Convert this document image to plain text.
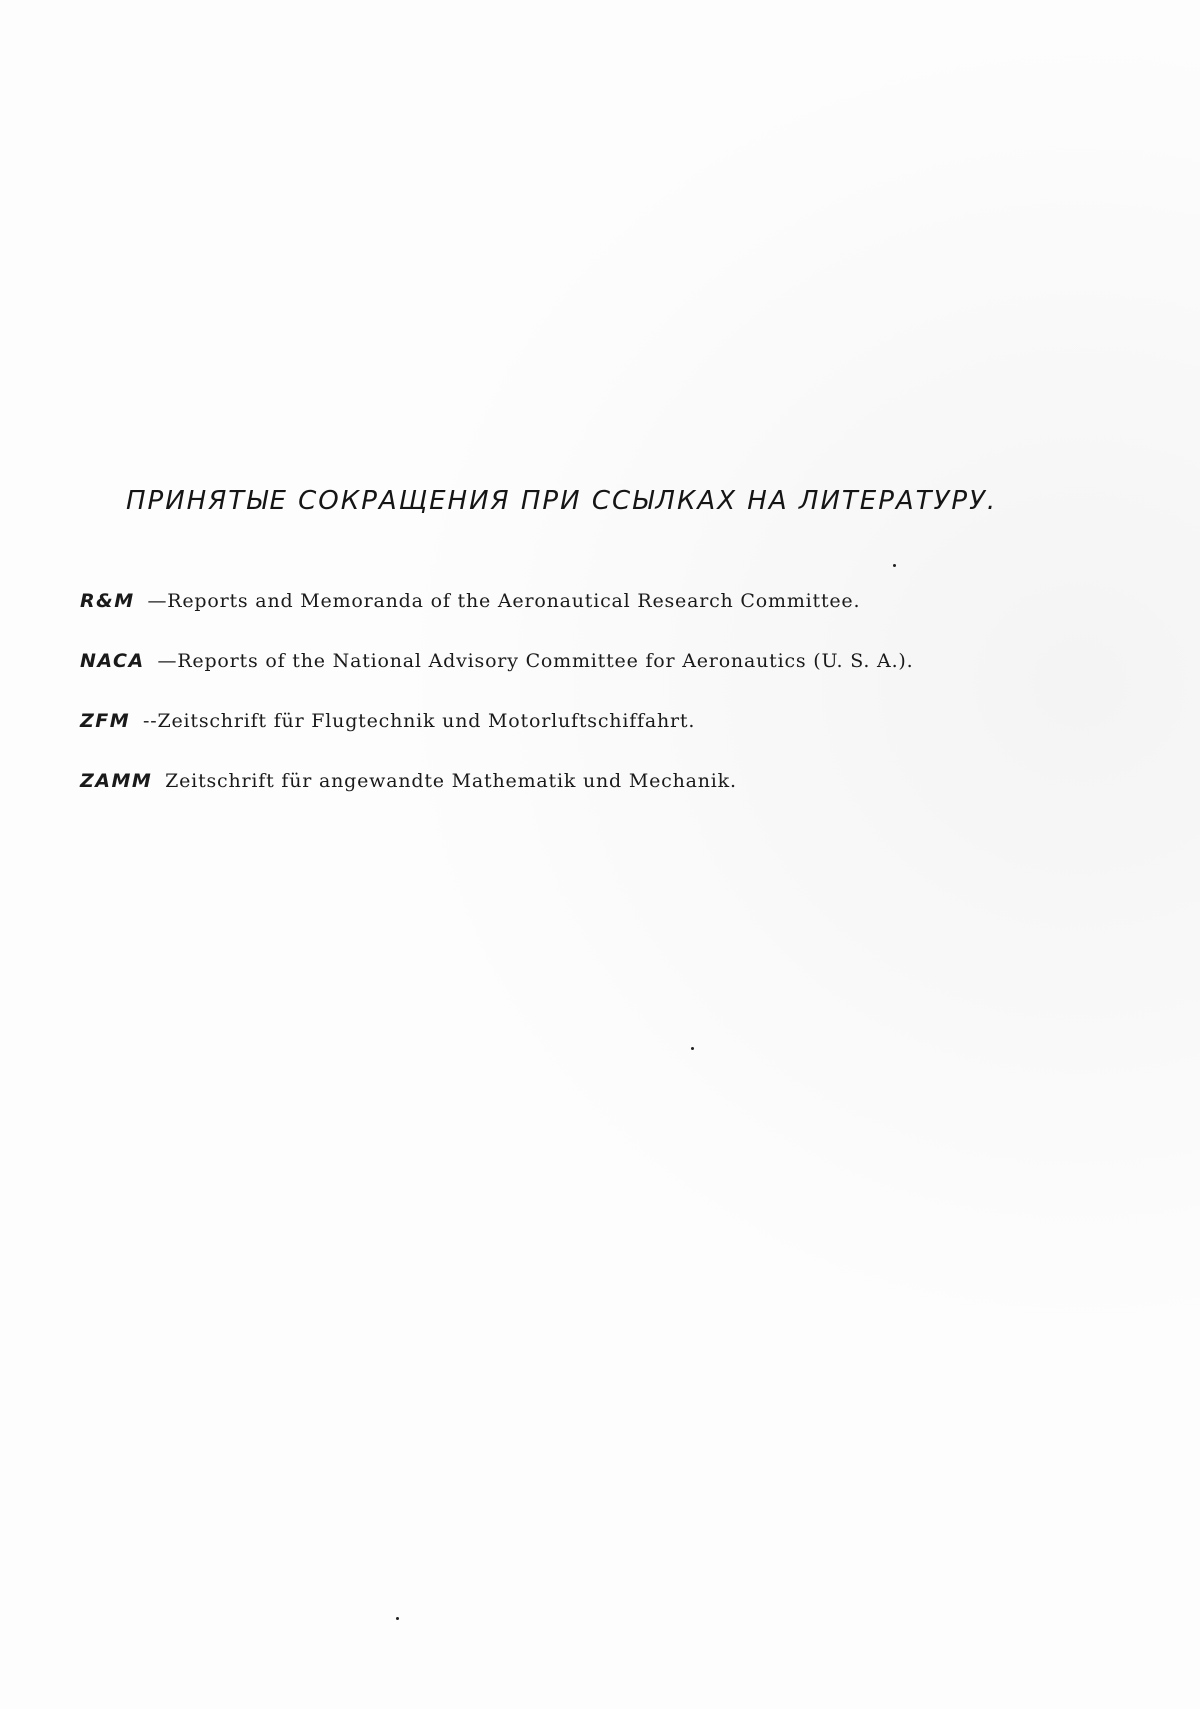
ПРИНЯТЫЕ СОКРАЩЕНИЯ ПРИ ССЫЛКАХ НА ЛИТЕРАТУРУ.
R&M —Reports and Memoranda of the Aeronautical Research Committee.
NACA —Reports of the National Advisory Committee for Aeronautics (U. S. A.).
ZFM --Zeitschrift für Flugtechnik und Motorluftschiffahrt.
ZAMM Zeitschrift für angewandte Mathematik und Mechanik.
